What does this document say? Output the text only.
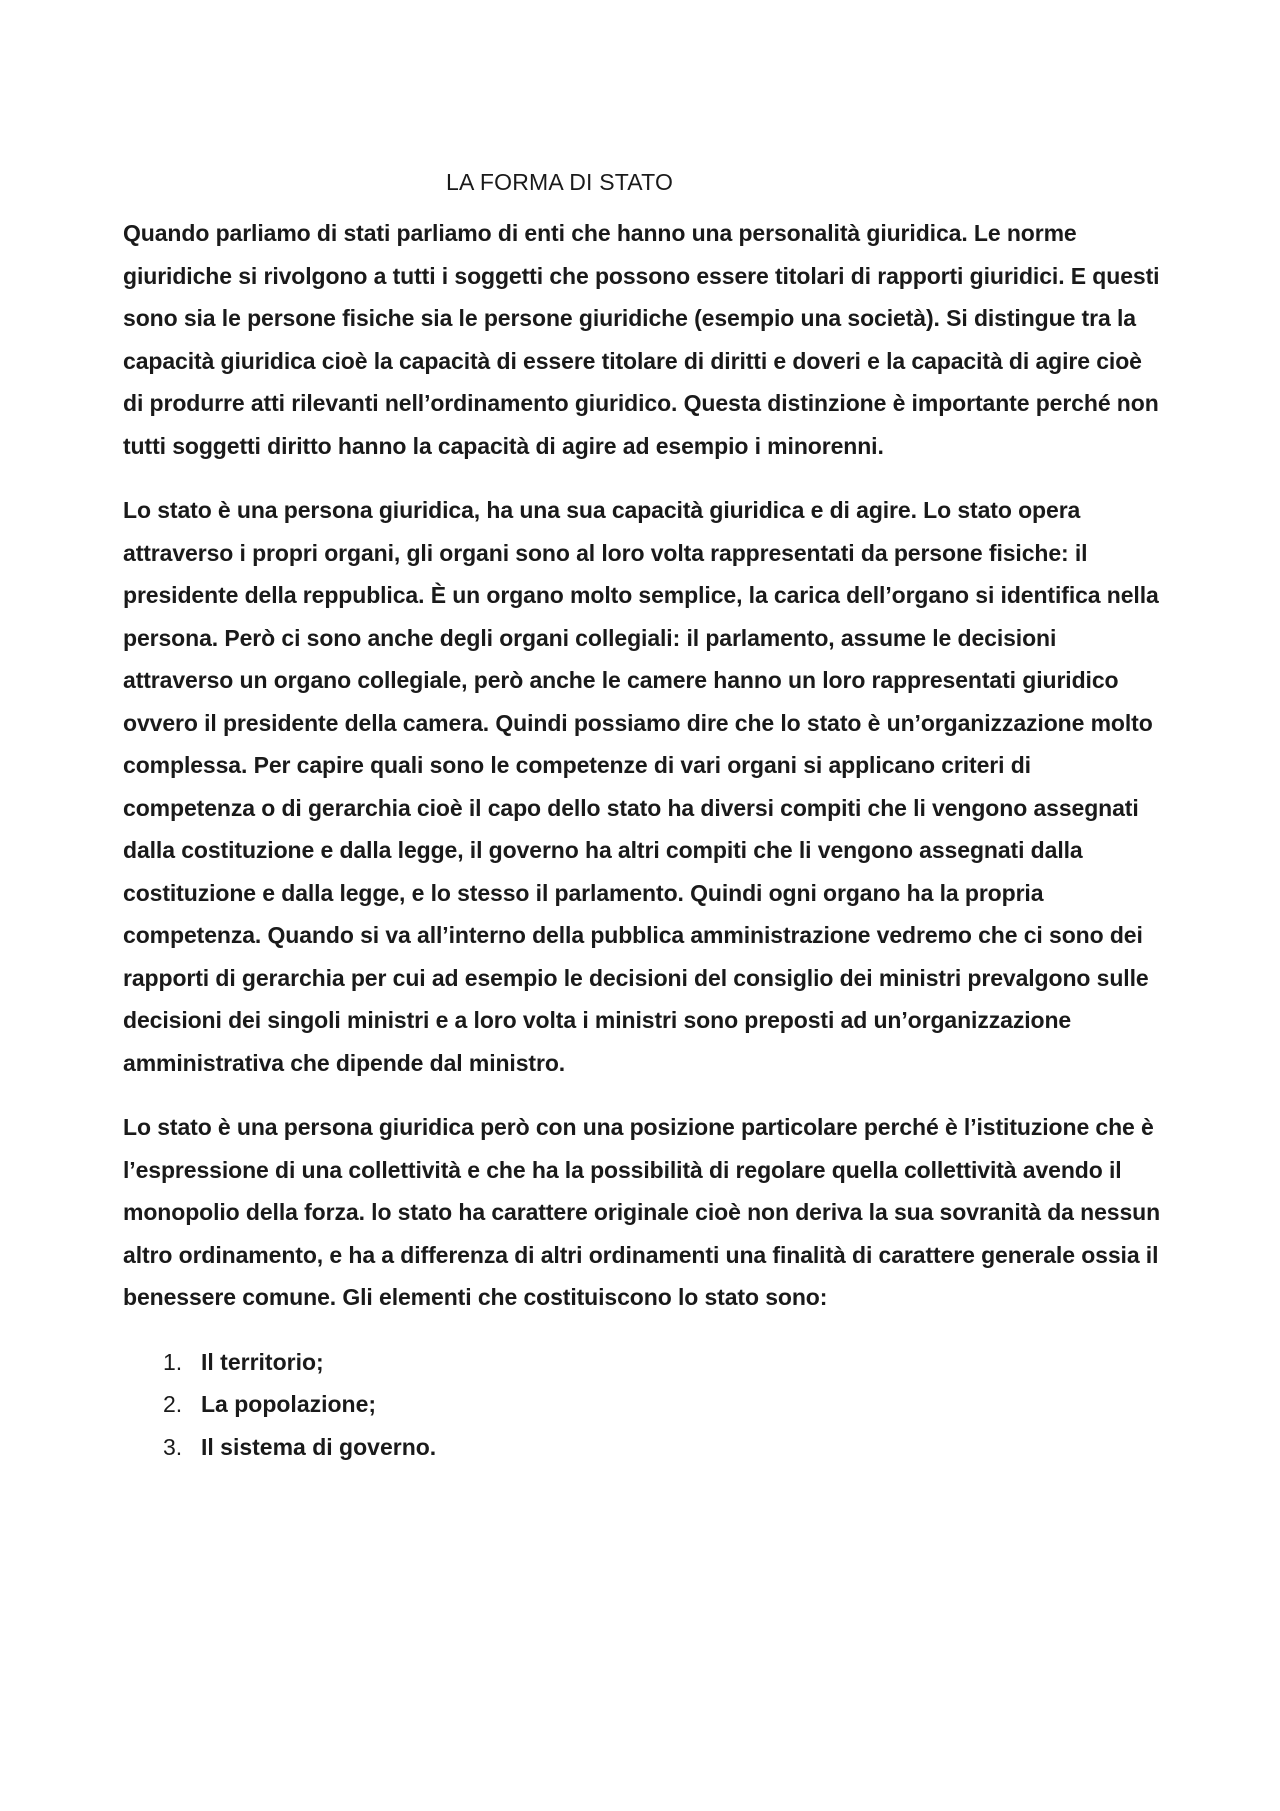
LA FORMA DI STATO

Quando parliamo di stati parliamo di enti che hanno una personalità giuridica. Le norme giuridiche si rivolgono a tutti i soggetti che possono essere titolari di rapporti giuridici. E questi sono sia le persone fisiche sia le persone giuridiche (esempio una società). Si distingue tra la capacità giuridica cioè la capacità di essere titolare di diritti e doveri e la capacità di agire cioè di produrre atti rilevanti nell’ordinamento giuridico. Questa distinzione è importante perché non tutti soggetti diritto hanno la capacità di agire ad esempio i minorenni.

Lo stato è una persona giuridica, ha una sua capacità giuridica e di agire. Lo stato opera attraverso i propri organi, gli organi sono al loro volta rappresentati da persone fisiche: il presidente della reppublica. È un organo molto semplice, la carica dell’organo si identifica nella persona. Però ci sono anche degli organi collegiali: il parlamento, assume le decisioni attraverso un organo collegiale, però anche le camere hanno un loro rappresentati giuridico ovvero il presidente della camera. Quindi possiamo dire che lo stato è un’organizzazione molto complessa. Per capire quali sono le competenze di vari organi si applicano criteri di competenza o di gerarchia cioè il capo dello stato ha diversi compiti che li vengono assegnati dalla costituzione e dalla legge, il governo ha altri compiti che li vengono assegnati dalla costituzione e dalla legge, e lo stesso il parlamento. Quindi ogni organo ha la propria competenza. Quando si va all’interno della pubblica amministrazione vedremo che ci sono dei rapporti di gerarchia per cui ad esempio le decisioni del consiglio dei ministri prevalgono sulle decisioni dei singoli ministri e a loro volta i ministri sono preposti ad un’organizzazione amministrativa che dipende dal ministro.

Lo stato è una persona giuridica però con una posizione particolare perché è l’istituzione che è l’espressione di una collettività e che ha la possibilità di regolare quella collettività avendo il monopolio della forza. lo stato ha carattere originale cioè non deriva la sua sovranità da nessun altro ordinamento, e ha a differenza di altri ordinamenti una finalità di carattere generale ossia il benessere comune. Gli elementi che costituiscono lo stato sono:

1. Il territorio;
2. La popolazione;
3. Il sistema di governo.
